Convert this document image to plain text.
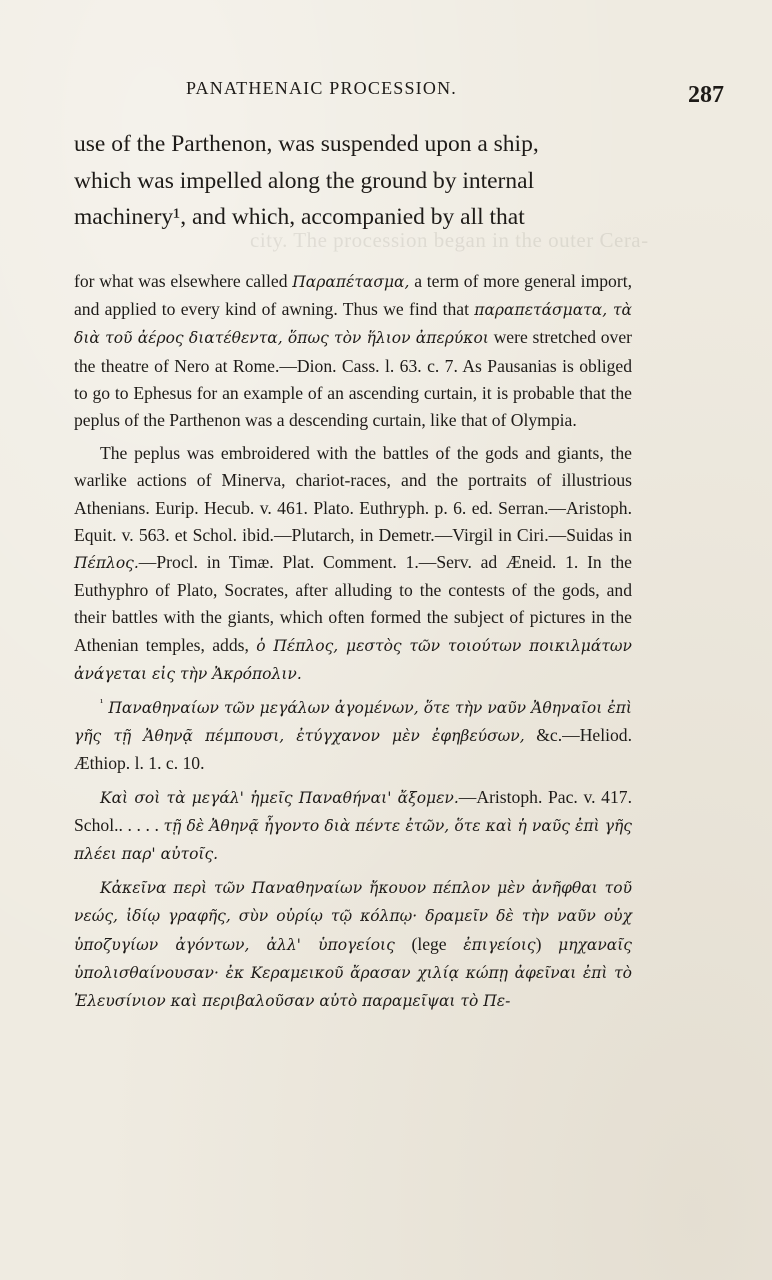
city. The procession began in the outer Cera-
PANATHENAIC PROCESSION.	287
use of the Parthenon, was suspended upon a ship,
which was impelled along the ground by internal
machinery¹, and which, accompanied by all that

for what was elsewhere called Παραπέτασμα, a term of more general import, and applied to every kind of awning. Thus we find that παραπετάσματα, τὰ διὰ τοῦ ἀέρος διατέθεντα, ὅπως τὸν ἥλιον ἀπερύκοι were stretched over the theatre of Nero at Rome.—Dion. Cass. l. 63. c. 7. As Pausanias is obliged to go to Ephesus for an example of an ascending curtain, it is probable that the peplus of the Parthenon was a descending curtain, like that of Olympia.

The peplus was embroidered with the battles of the gods and giants, the warlike actions of Minerva, chariot-races, and the portraits of illustrious Athenians. Eurip. Hecub. v. 461. Plato. Euthryph. p. 6. ed. Serran.—Aristoph. Equit. v. 563. et Schol. ibid.—Plutarch, in Demetr.—Virgil in Ciri.—Suidas in Πέπλος.—Procl. in Timæ. Plat. Comment. 1.—Serv. ad Æneid. 1. In the Euthyphro of Plato, Socrates, after alluding to the contests of the gods, and their battles with the giants, which often formed the subject of pictures in the Athenian temples, adds, ὁ Πέπλος, μεστὸς τῶν τοιούτων ποικιλμάτων ἀνάγεται εἰς τὴν Ἀκρόπολιν.

$^{^1}$ Παναθηναίων τῶν μεγάλων ἀγομένων, ὅτε τὴν ναῦν Ἀθηναῖοι ἐπὶ γῆς τῇ Ἀθηνᾷ πέμπουσι, ἐτύγχανον μὲν ἐφηβεύσων, &c.—Heliod. Æthiop. l. 1. c. 10.

Καὶ σοὶ τὰ μεγάλ' ἡμεῖς Παναθήναι' ἄξομεν.—Aristoph. Pac. v. 417. Schol.. . . . . τῇ δὲ Ἀθηνᾷ ἦγοντο διὰ πέντε ἐτῶν, ὅτε καὶ ἡ ναῦς ἐπὶ γῆς πλέει παρ' αὐτοῖς.

Κἀκεῖνα περὶ τῶν Παναθηναίων ἤκουον πέπλον μὲν ἀνῆφθαι τοῦ νεώς, ἰδίῳ γραφῆς, σὺν οὐρίῳ τῷ κόλπῳ· δραμεῖν δὲ τὴν ναῦν οὐχ ὑποζυγίων ἀγόντων, ἀλλ' ὑπογείοις (lege ἐπιγείοις) μηχαναῖς ὑπολισθαίνουσαν· ἐκ Κεραμεικοῦ ἄρασαν χιλίᾳ κώπῃ ἀφεῖναι ἐπὶ τὸ Ἐλευσίνιον καὶ περιβαλοῦσαν αὐτὸ παραμεῖψαι τὸ Πε-
